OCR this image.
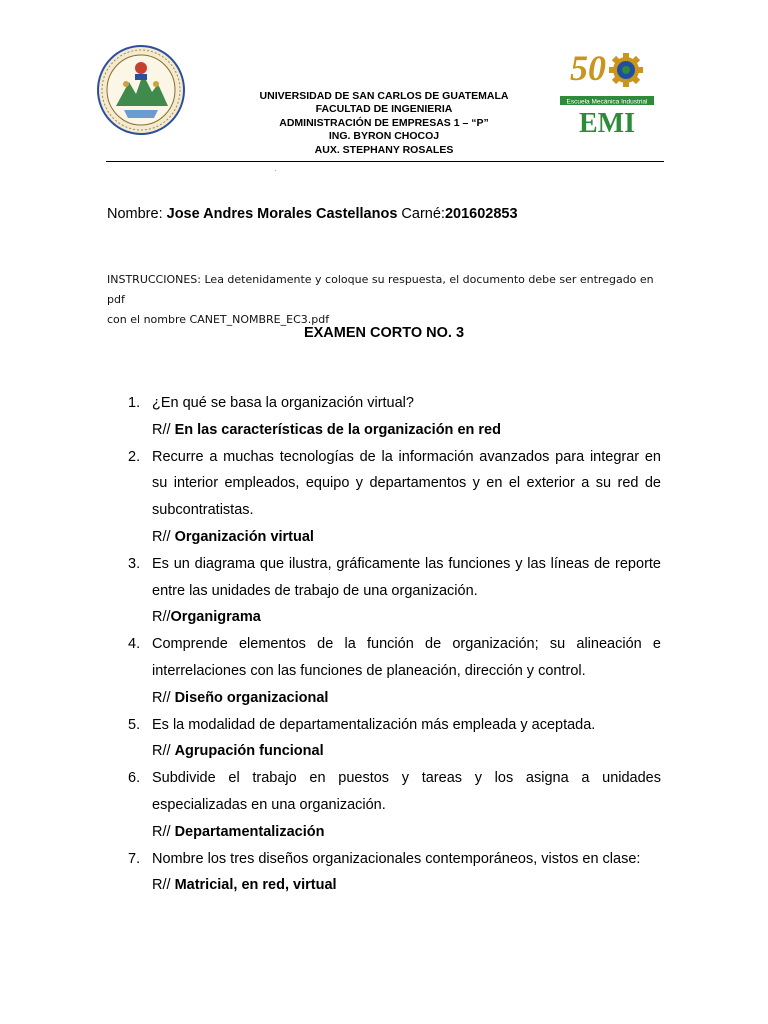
UNIVERSIDAD DE SAN CARLOS DE GUATEMALA
FACULTAD DE INGENIERIA
ADMINISTRACIÓN DE EMPRESAS 1 – “P”
ING. BYRON CHOCOJ
AUX. STEPHANY ROSALES
50
Escuela Mecánica Industrial
EMI
·
Nombre: Jose Andres Morales Castellanos Carné:201602853
INSTRUCCIONES: Lea detenidamente y coloque su respuesta, el documento debe ser entregado en pdf
con el nombre CANET_NOMBRE_EC3.pdf
EXAMEN CORTO NO. 3
1. ¿En qué se basa la organización virtual?
R// En las características de la organización en red
2. Recurre a muchas tecnologías de la información avanzados para integrar en su interior empleados, equipo y departamentos y en el exterior a su red de subcontratistas.
R// Organización virtual
3. Es un diagrama que ilustra, gráficamente las funciones y las líneas de reporte entre las unidades de trabajo de una organización.
R//Organigrama
4. Comprende elementos de la función de organización; su alineación e interrelaciones con las funciones de planeación, dirección y control.
R// Diseño organizacional
5. Es la modalidad de departamentalización más empleada y aceptada.
R// Agrupación funcional
6. Subdivide el trabajo en puestos y tareas y los asigna a unidades especializadas en una organización.
R// Departamentalización
7. Nombre los tres diseños organizacionales contemporáneos, vistos en clase:
R// Matricial, en red, virtual
